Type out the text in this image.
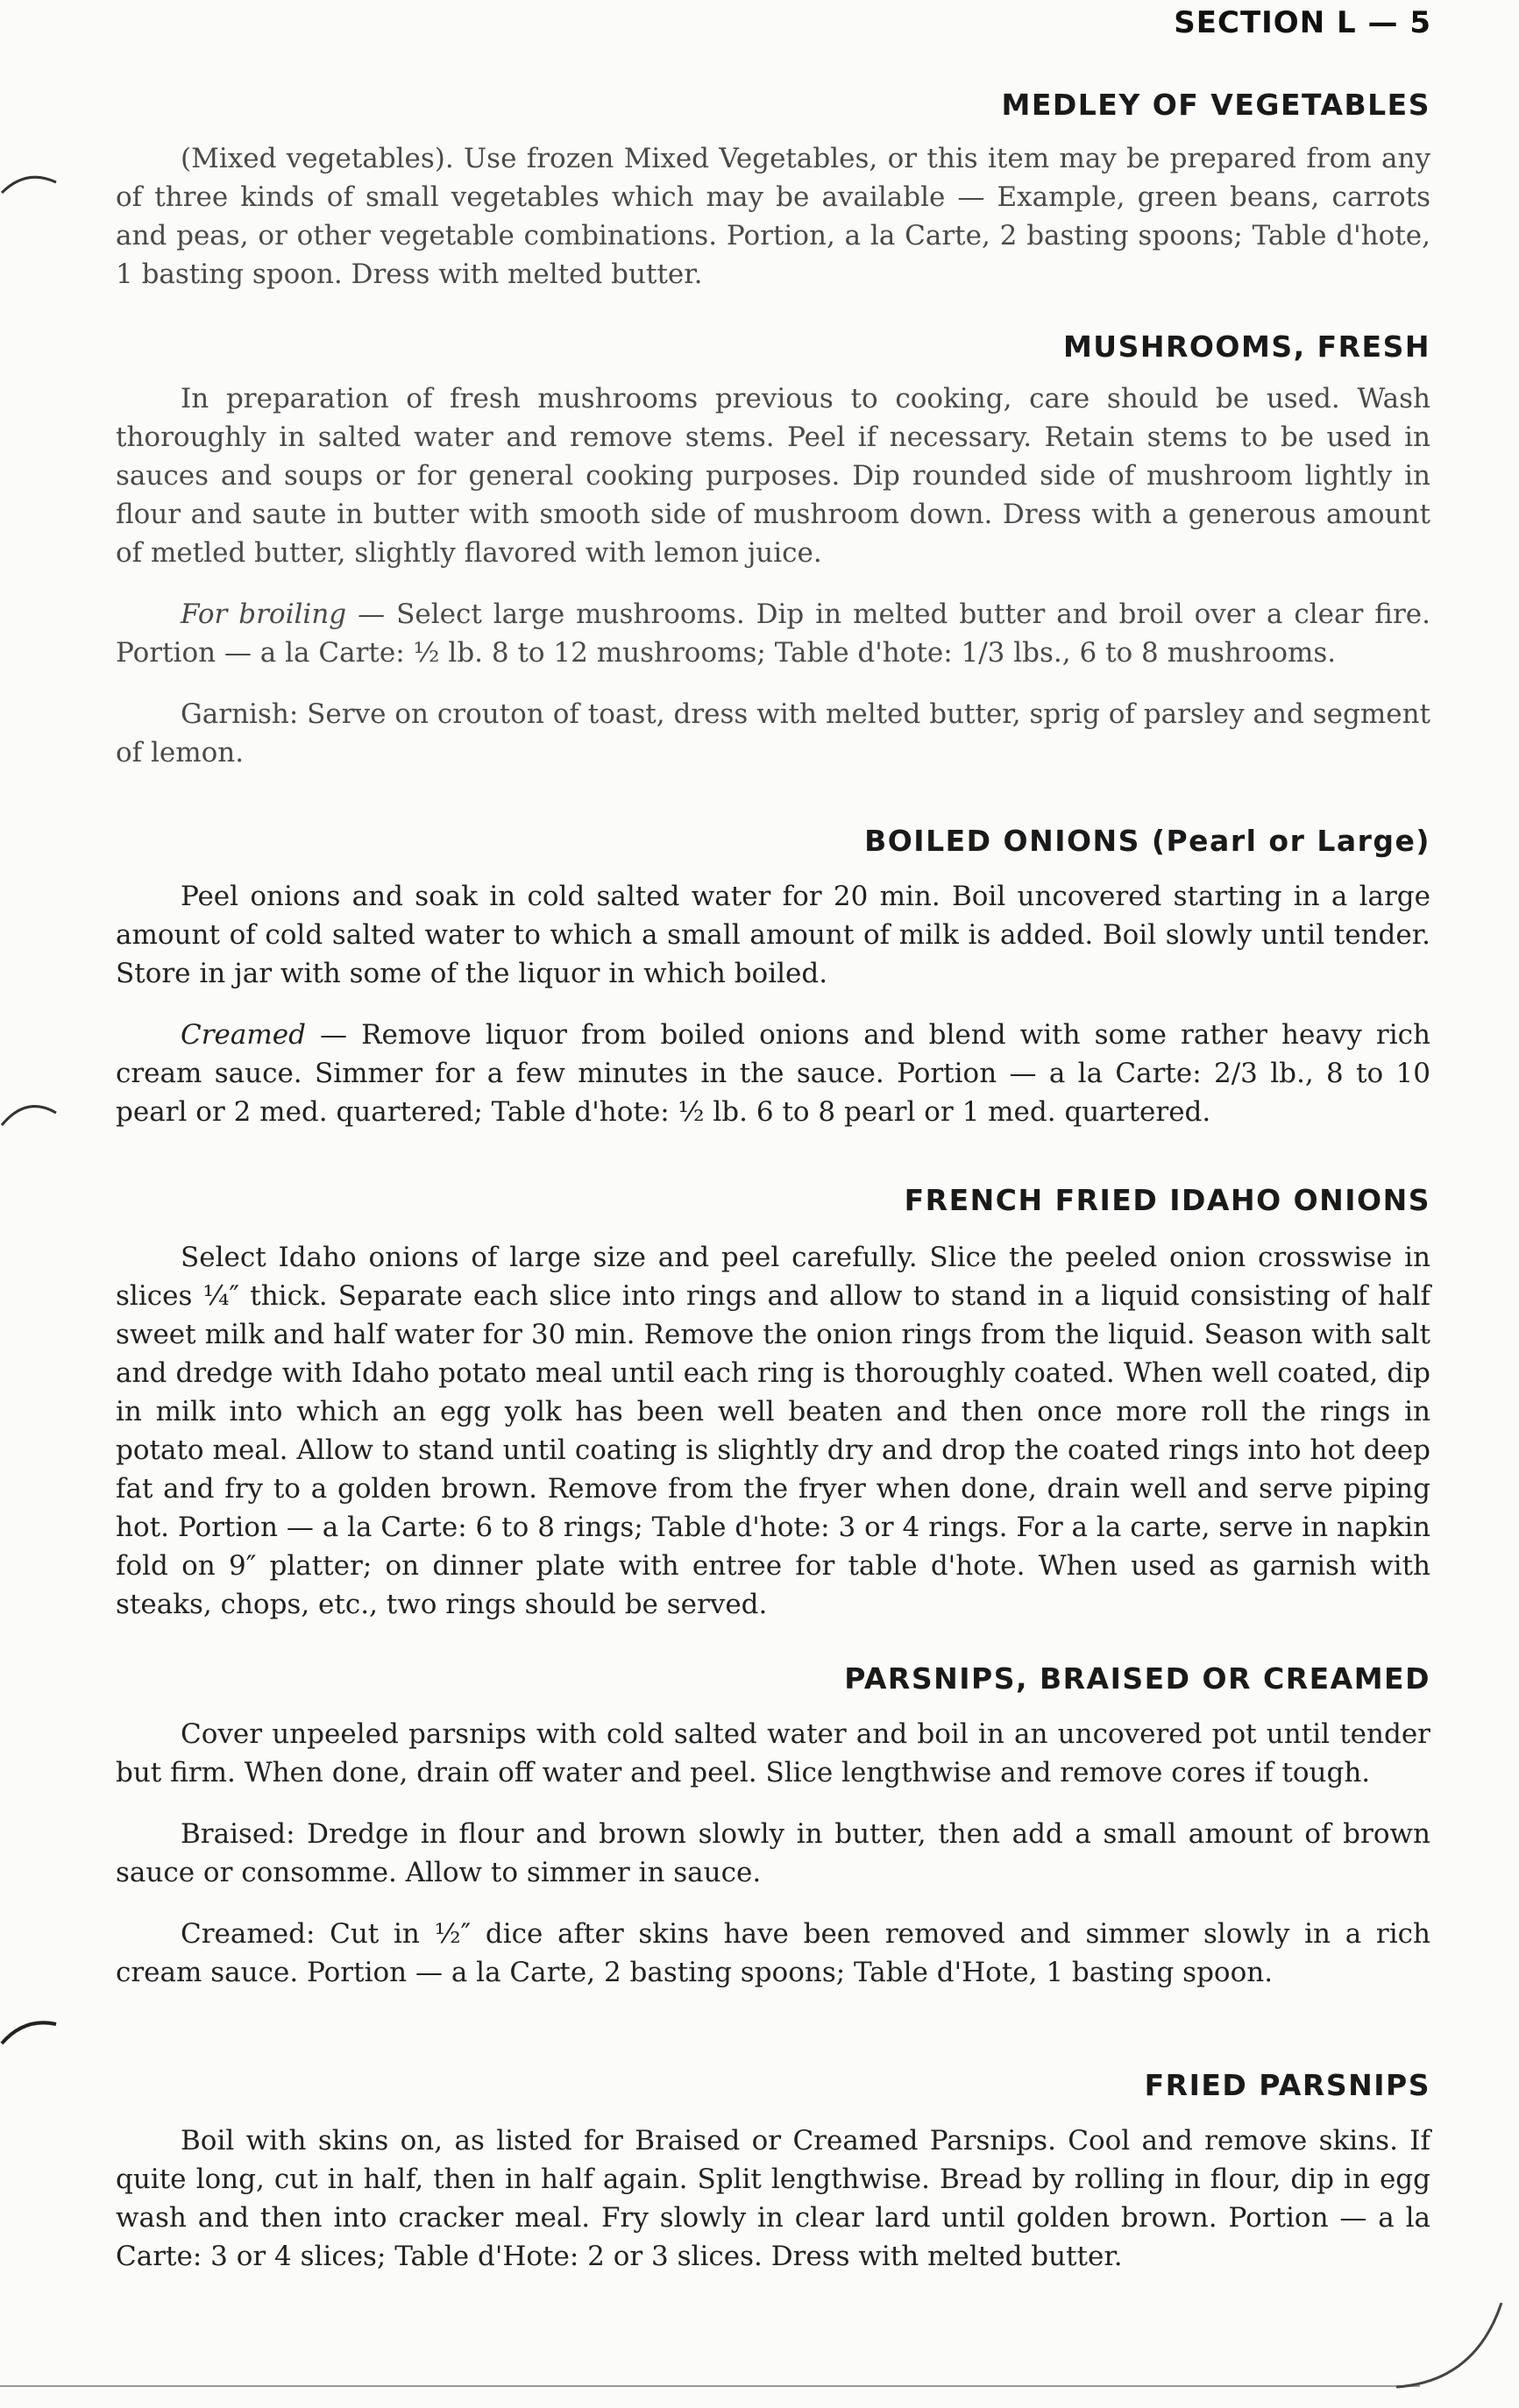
SECTION L — 5
MEDLEY OF VEGETABLES

(Mixed vegetables). Use frozen Mixed Vegetables, or this item may be prepared from any of three kinds of small vegetables which may be available — Example, green beans, carrots and peas, or other vegetable combinations. Portion, a la Carte, 2 basting spoons; Table d'hote, 1 basting spoon. Dress with melted butter.

MUSHROOMS, FRESH

In preparation of fresh mushrooms previous to cooking, care should be used. Wash thoroughly in salted water and remove stems. Peel if necessary. Retain stems to be used in sauces and soups or for general cooking purposes. Dip rounded side of mushroom lightly in flour and saute in butter with smooth side of mushroom down. Dress with a generous amount of metled butter, slightly flavored with lemon juice.

For broiling — Select large mushrooms. Dip in melted butter and broil over a clear fire. Portion — a la Carte: ½ lb. 8 to 12 mushrooms; Table d'hote: 1/3 lbs., 6 to 8 mushrooms.

Garnish: Serve on crouton of toast, dress with melted butter, sprig of parsley and segment of lemon.

BOILED ONIONS (Pearl or Large)

Peel onions and soak in cold salted water for 20 min. Boil uncovered starting in a large amount of cold salted water to which a small amount of milk is added. Boil slowly until tender. Store in jar with some of the liquor in which boiled.

Creamed — Remove liquor from boiled onions and blend with some rather heavy rich cream sauce. Simmer for a few minutes in the sauce. Portion — a la Carte: 2/3 lb., 8 to 10 pearl or 2 med. quartered; Table d'hote: ½ lb. 6 to 8 pearl or 1 med. quartered.

FRENCH FRIED IDAHO ONIONS

Select Idaho onions of large size and peel carefully. Slice the peeled onion crosswise in slices ¼″ thick. Separate each slice into rings and allow to stand in a liquid consisting of half sweet milk and half water for 30 min. Remove the onion rings from the liquid. Season with salt and dredge with Idaho potato meal until each ring is thoroughly coated. When well coated, dip in milk into which an egg yolk has been well beaten and then once more roll the rings in potato meal. Allow to stand until coating is slightly dry and drop the coated rings into hot deep fat and fry to a golden brown. Remove from the fryer when done, drain well and serve piping hot. Portion — a la Carte: 6 to 8 rings; Table d'hote: 3 or 4 rings. For a la carte, serve in napkin fold on 9″ platter; on dinner plate with entree for table d'hote. When used as garnish with steaks, chops, etc., two rings should be served.

PARSNIPS, BRAISED OR CREAMED

Cover unpeeled parsnips with cold salted water and boil in an uncovered pot until tender but firm. When done, drain off water and peel. Slice lengthwise and remove cores if tough.

Braised: Dredge in flour and brown slowly in butter, then add a small amount of brown sauce or consomme. Allow to simmer in sauce.

Creamed: Cut in ½″ dice after skins have been removed and simmer slowly in a rich cream sauce. Portion — a la Carte, 2 basting spoons; Table d'Hote, 1 basting spoon.

FRIED PARSNIPS

Boil with skins on, as listed for Braised or Creamed Parsnips. Cool and remove skins. If quite long, cut in half, then in half again. Split lengthwise. Bread by rolling in flour, dip in egg wash and then into cracker meal. Fry slowly in clear lard until golden brown. Portion — a la Carte: 3 or 4 slices; Table d'Hote: 2 or 3 slices. Dress with melted butter.
